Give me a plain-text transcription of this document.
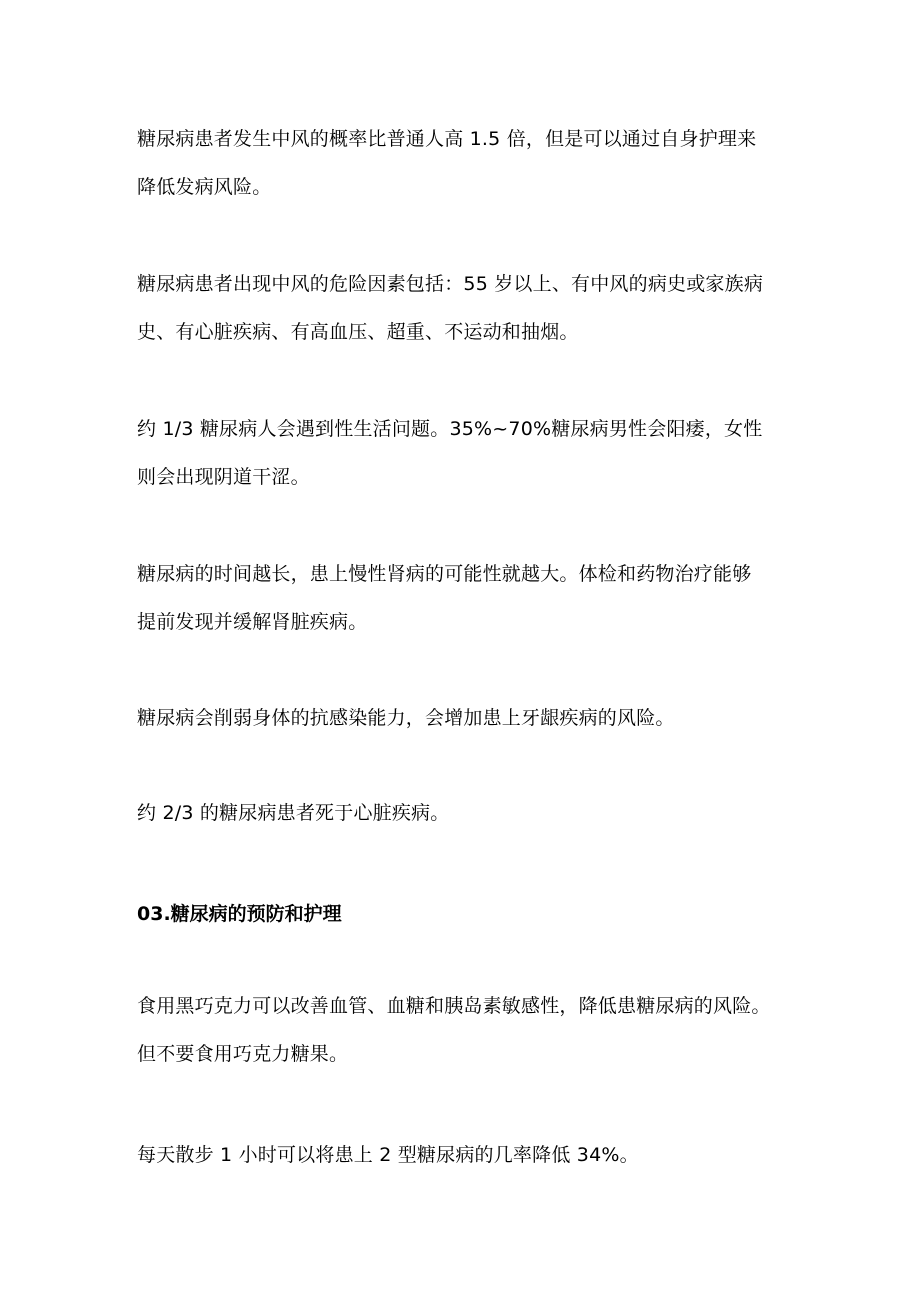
糖尿病患者发生中风的概率比普通人高 1.5 倍，但是可以通过自身护理来
降低发病风险。

糖尿病患者出现中风的危险因素包括：55 岁以上、有中风的病史或家族病
史、有心脏疾病、有高血压、超重、不运动和抽烟。

约 1/3 糖尿病人会遇到性生活问题。35%~70%糖尿病男性会阳痿，女性
则会出现阴道干涩。

糖尿病的时间越长，患上慢性肾病的可能性就越大。体检和药物治疗能够
提前发现并缓解肾脏疾病。

糖尿病会削弱身体的抗感染能力，会增加患上牙龈疾病的风险。

约 2/3 的糖尿病患者死于心脏疾病。

03.糖尿病的预防和护理

食用黑巧克力可以改善血管、血糖和胰岛素敏感性，降低患糖尿病的风险。
但不要食用巧克力糖果。

每天散步 1 小时可以将患上 2 型糖尿病的几率降低 34%。
